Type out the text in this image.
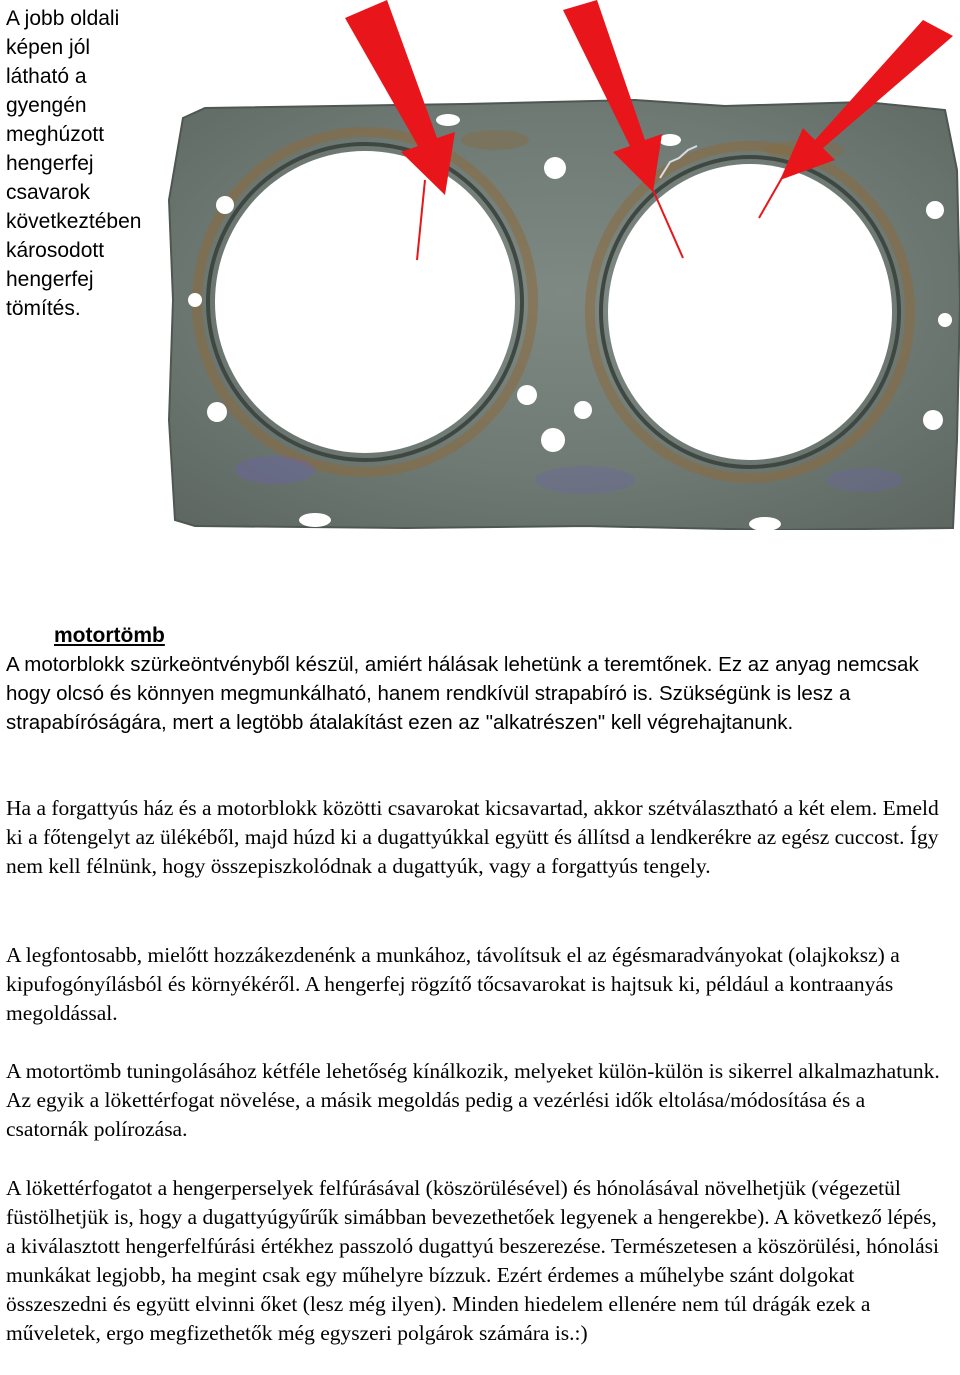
A jobb oldali képen jól látható a gyengén meghúzott hengerfej csavarok következtében károsodott hengerfej tömítés.

motortömb

A motorblokk szürkeöntvényből készül, amiért hálásak lehetünk a teremtőnek. Ez az anyag nemcsak hogy olcsó és könnyen megmunkálható, hanem rendkívül strapabíró is. Szükségünk is lesz a strapabíróságára, mert a legtöbb átalakítást ezen az "alkatrészen" kell végrehajtanunk.

Ha a forgattyús ház és a motorblokk közötti csavarokat kicsavartad, akkor szétválasztható a két elem. Emeld ki a főtengelyt az ülékéből, majd húzd ki a dugattyúkkal együtt és állítsd a lendkerékre az egész cuccost. Így nem kell félnünk, hogy összepiszkolódnak a dugattyúk, vagy a forgattyús tengely.

A legfontosabb, mielőtt hozzákezdenénk a munkához, távolítsuk el az égésmaradványokat (olajkoksz) a kipufogónyílásból és környékéről. A hengerfej rögzítő tőcsavarokat is hajtsuk ki, például a kontraanyás megoldással.

A motortömb tuningolásához kétféle lehetőség kínálkozik, melyeket külön-külön is sikerrel alkalmazhatunk. Az egyik a lökettérfogat növelése, a másik megoldás pedig a vezérlési idők eltolása/módosítása és a csatornák polírozása.

A lökettérfogatot a hengerperselyek felfúrásával (köszörülésével) és hónolásával növelhetjük (végezetül füstölhetjük is, hogy a dugattyúgyűrűk simábban bevezethetőek legyenek a hengerekbe). A következő lépés, a kiválasztott hengerfelfúrási értékhez passzoló dugattyú beszerezése. Természetesen a köszörülési, hónolási munkákat legjobb, ha megint csak egy műhelyre bízzuk. Ezért érdemes a műhelybe szánt dolgokat összeszedni és együtt elvinni őket (lesz még ilyen). Minden hiedelem ellenére nem túl drágák ezek a műveletek, ergo megfizethetők még egyszeri polgárok számára is.:)
